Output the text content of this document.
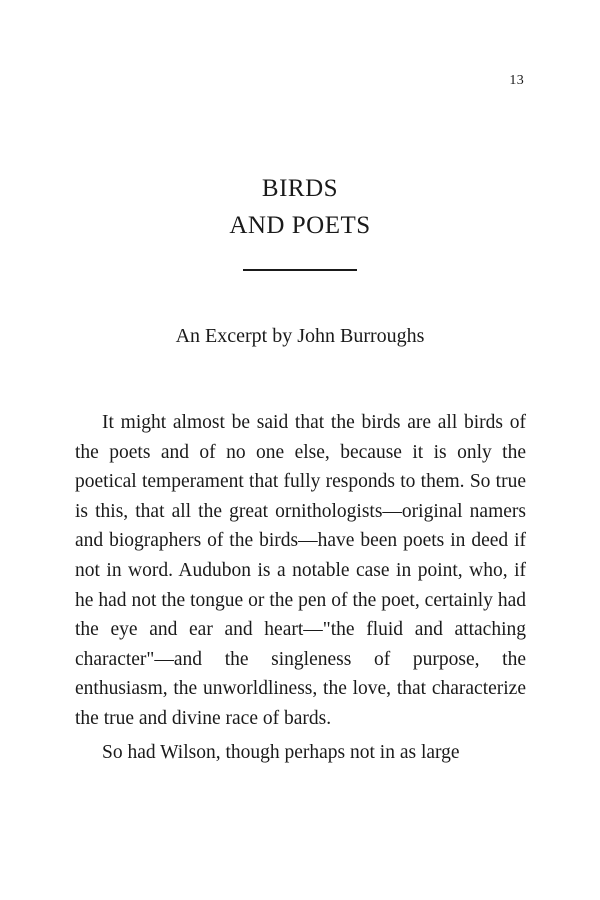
13
BIRDS
AND POETS
An Excerpt by John Burroughs

It might almost be said that the birds are all birds of the poets and of no one else, because it is only the poetical temperament that fully responds to them. So true is this, that all the great ornithologists—original namers and biographers of the birds—have been poets in deed if not in word. Audubon is a notable case in point, who, if he had not the tongue or the pen of the poet, certainly had the eye and ear and heart—"the fluid and attaching character"—and the singleness of purpose, the enthusiasm, the unworldliness, the love, that characterize the true and divine race of bards.

So had Wilson, though perhaps not in as large
